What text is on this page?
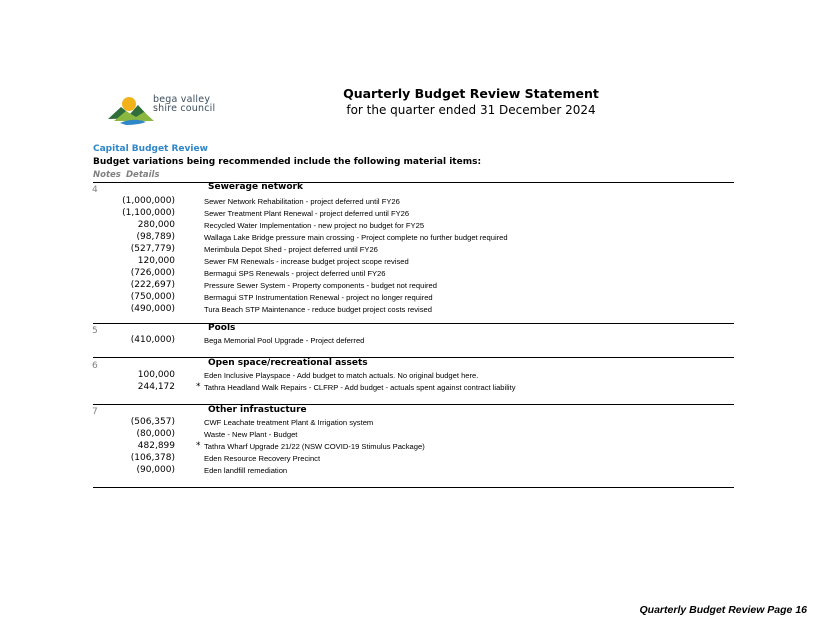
bega valley
shire council
Quarterly Budget Review Statement
for the quarter ended 31 December 2024
Capital Budget Review
Budget variations being recommended include the following material items:
Notes Details
4	Sewerage network
(1,000,000)	Sewer Network Rehabilitation - project deferred until FY26
(1,100,000)	Sewer Treatment Plant Renewal - project deferred until FY26
280,000	Recycled Water Implementation - new project no budget for FY25
(98,789)	Wallaga Lake Bridge pressure main crossing - Project complete no further budget required
(527,779)	Merimbula Depot Shed - project deferred until FY26
120,000	Sewer FM Renewals - increase budget project scope revised
(726,000)	Bermagui SPS Renewals - project deferred until FY26
(222,697)	Pressure Sewer System - Property components - budget not required
(750,000)	Bermagui STP Instrumentation Renewal - project no longer required
(490,000)	Tura Beach STP Maintenance - reduce budget project costs revised
5	Pools
(410,000)	Bega Memorial Pool Upgrade - Project deferred
6	Open space/recreational assets
100,000	Eden Inclusive Playspace - Add budget to match actuals. No original budget here.
244,172 * Tathra Headland Walk Repairs - CLFRP - Add budget - actuals spent against contract liability
7	Other infrastucture
(506,357)	CWF Leachate treatment Plant & Irrigation system
(80,000)	Waste - New Plant - Budget
482,899 * Tathra Wharf Upgrade 21/22 (NSW COVID-19 Stimulus Package)
(106,378)	Eden Resource Recovery Precinct
(90,000)	Eden landfill remediation
Quarterly Budget Review Page 16
